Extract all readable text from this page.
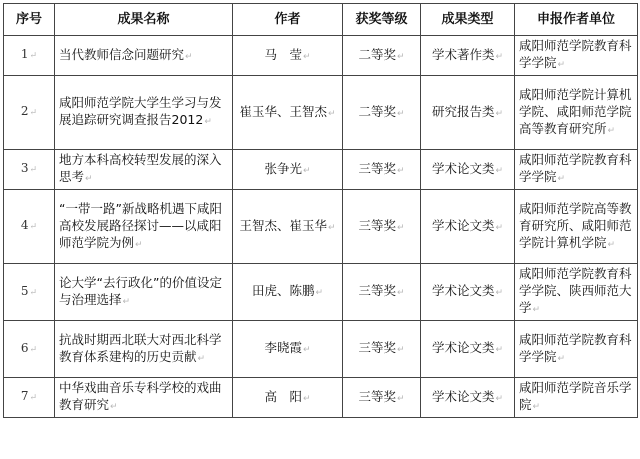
序号	成果名称	作者	获奖等级	成果类型	申报作者单位
1↵	当代教师信念问题研究↵	马　莹↵	二等奖↵	学术著作类↵	咸阳师范学院教育科学学院↵
2↵	咸阳师范学院大学生学习与发展追踪研究调查报告2012↵	崔玉华、王智杰↵	二等奖↵	研究报告类↵	咸阳师范学院计算机学院、咸阳师范学院高等教育研究所↵
3↵	地方本科高校转型发展的深入思考↵	张争光↵	三等奖↵	学术论文类↵	咸阳师范学院教育科学学院↵
4↵	“一带一路”新战略机遇下咸阳高校发展路径探讨——以咸阳师范学院为例↵	王智杰、崔玉华↵	三等奖↵	学术论文类↵	咸阳师范学院高等教育研究所、咸阳师范学院计算机学院↵
5↵	论大学“去行政化”的价值设定与治理选择↵	田虎、陈鹏↵	三等奖↵	学术论文类↵	咸阳师范学院教育科学学院、陕西师范大学↵
6↵	抗战时期西北联大对西北科学教育体系建构的历史贡献↵	李晓霞↵	三等奖↵	学术论文类↵	咸阳师范学院教育科学学院↵
7↵	中华戏曲音乐专科学校的戏曲教育研究↵	高　阳↵	三等奖↵	学术论文类↵	咸阳师范学院音乐学院↵
